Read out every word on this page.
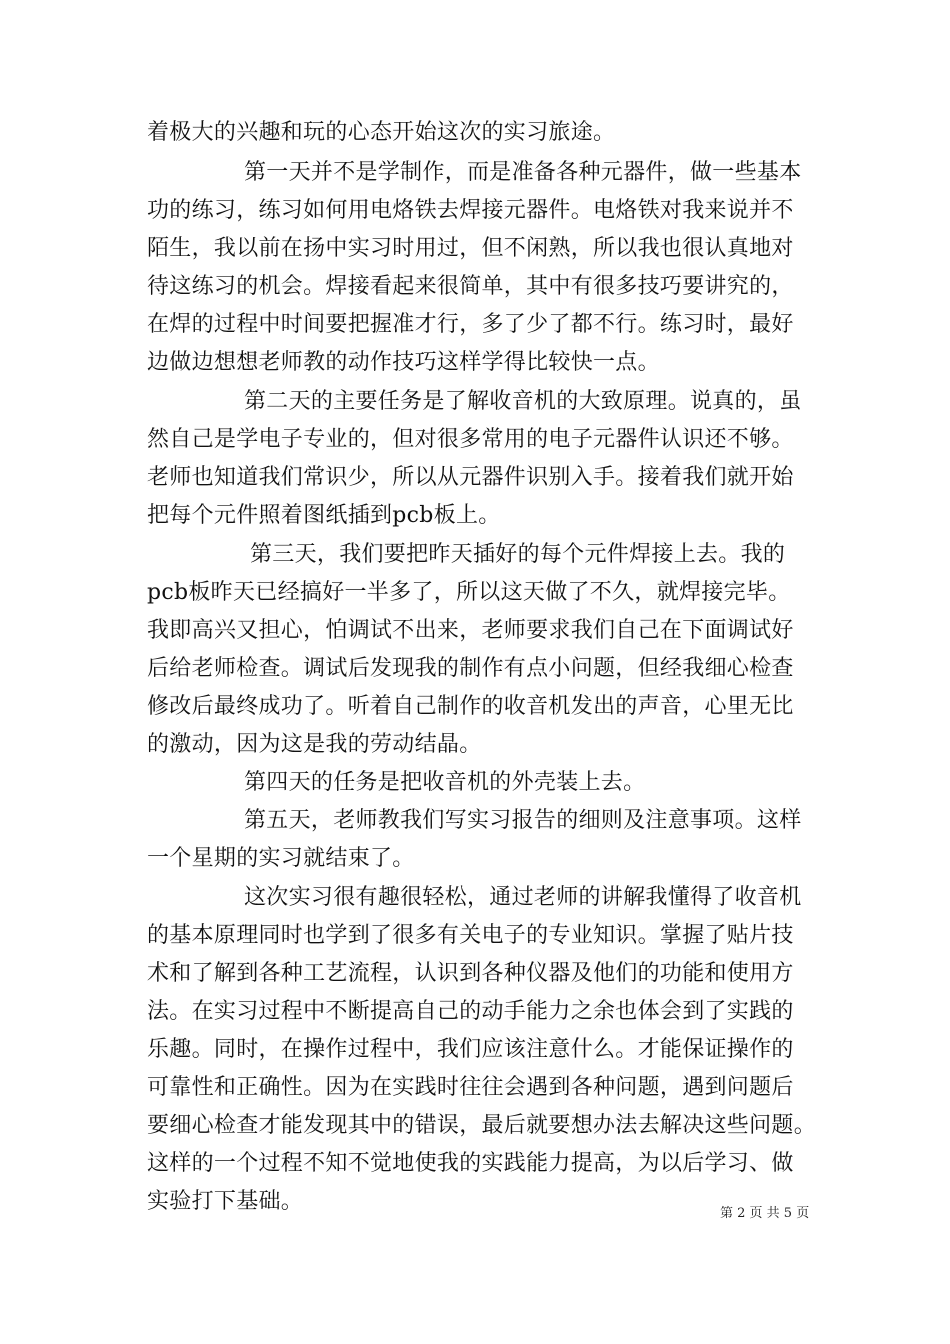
着极大的兴趣和玩的心态开始这次的实习旅途。
第一天并不是学制作，而是准备各种元器件，做一些基本
功的练习，练习如何用电烙铁去焊接元器件。电烙铁对我来说并不
陌生，我以前在扬中实习时用过，但不闲熟，所以我也很认真地对
待这练习的机会。焊接看起来很简单，其中有很多技巧要讲究的，
在焊的过程中时间要把握准才行，多了少了都不行。练习时，最好
边做边想想老师教的动作技巧这样学得比较快一点。
第二天的主要任务是了解收音机的大致原理。说真的，虽
然自己是学电子专业的，但对很多常用的电子元器件认识还不够。
老师也知道我们常识少，所以从元器件识别入手。接着我们就开始
把每个元件照着图纸插到pcb板上。
第三天，我们要把昨天插好的每个元件焊接上去。我的
pcb板昨天已经搞好一半多了，所以这天做了不久，就焊接完毕。
我即高兴又担心，怕调试不出来，老师要求我们自己在下面调试好
后给老师检查。调试后发现我的制作有点小问题，但经我细心检查
修改后最终成功了。听着自己制作的收音机发出的声音，心里无比
的激动，因为这是我的劳动结晶。
第四天的任务是把收音机的外壳装上去。
第五天，老师教我们写实习报告的细则及注意事项。这样
一个星期的实习就结束了。
这次实习很有趣很轻松，通过老师的讲解我懂得了收音机
的基本原理同时也学到了很多有关电子的专业知识。掌握了贴片技
术和了解到各种工艺流程，认识到各种仪器及他们的功能和使用方
法。在实习过程中不断提高自己的动手能力之余也体会到了实践的
乐趣。同时，在操作过程中，我们应该注意什么。才能保证操作的
可靠性和正确性。因为在实践时往往会遇到各种问题，遇到问题后
要细心检查才能发现其中的错误，最后就要想办法去解决这些问题。
这样的一个过程不知不觉地使我的实践能力提高，为以后学习、做
实验打下基础。	第 2 页 共 5 页
